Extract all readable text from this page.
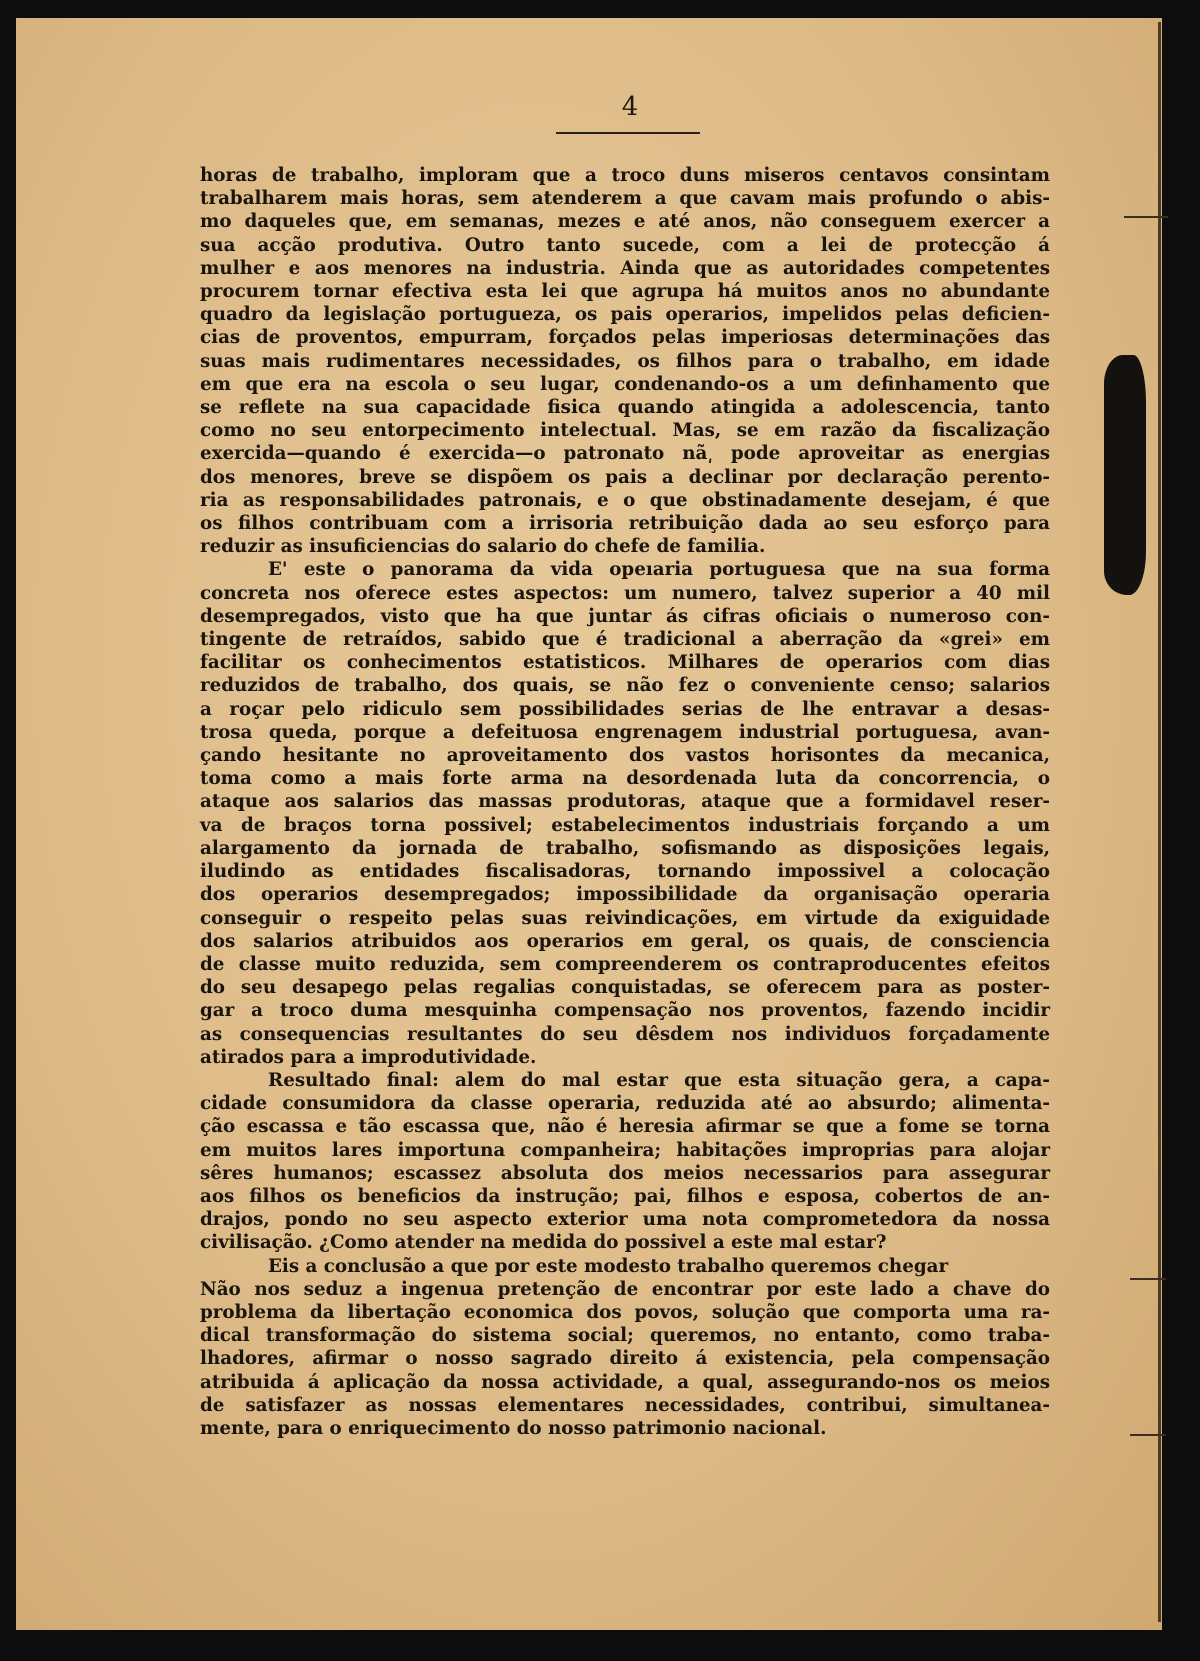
4
horas de trabalho, imploram que a troco duns miseros centavos consintam
trabalharem mais horas, sem atenderem a que cavam mais profundo o abis-
mo daqueles que, em semanas, mezes e até anos, não conseguem exercer a
sua acção produtiva. Outro tanto sucede, com a lei de protecção á
mulher e aos menores na industria. Ainda que as autoridades competentes
procurem tornar efectiva esta lei que agrupa há muitos anos no abundante
quadro da legislação portugueza, os pais operarios, impelidos pelas deficien-
cias de proventos, empurram, forçados pelas imperiosas determinações das
suas mais rudimentares necessidades, os filhos para o trabalho, em idade
em que era na escola o seu lugar, condenando-os a um definhamento que
se reflete na sua capacidade fisica quando atingida a adolescencia, tanto
como no seu entorpecimento intelectual. Mas, se em razão da fiscalização
exercida—quando é exercida—o patronato nã͵ pode aproveitar as energias
dos menores, breve se dispõem os pais a declinar por declaração perento-
ria as responsabilidades patronais, e o que obstinadamente desejam, é que
os filhos contribuam com a irrisoria retribuição dada ao seu esforço para
reduzir as insuficiencias do salario do chefe de familia.
E' este o panorama da vida opeıaria portuguesa que na sua forma
concreta nos oferece estes aspectos: um numero, talvez superior a 40 mil
desempregados, visto que ha que juntar ás cifras oficiais o numeroso con-
tingente de retraídos, sabido que é tradicional a aberração da «grei» em
facilitar os conhecimentos estatisticos. Milhares de operarios com dias
reduzidos de trabalho, dos quais, se não fez o conveniente censo; salarios
a roçar pelo ridiculo sem possibilidades serias de lhe entravar a desas-
trosa queda, porque a defeituosa engrenagem industrial portuguesa, avan-
çando hesitante no aproveitamento dos vastos horisontes da mecanica,
toma como a mais forte arma na desordenada luta da concorrencia, o
ataque aos salarios das massas produtoras, ataque que a formidavel reser-
va de braços torna possivel; estabelecimentos industriais forçando a um
alargamento da jornada de trabalho, sofismando as disposições legais,
iludindo as entidades fiscalisadoras, tornando impossivel a colocação
dos operarios desempregados; impossibilidade da organisação operaria
conseguir o respeito pelas suas reivindicações, em virtude da exiguidade
dos salarios atribuidos aos operarios em geral, os quais, de consciencia
de classe muito reduzida, sem compreenderem os contraproducentes efeitos
do seu desapego pelas regalias conquistadas, se oferecem para as poster-
gar a troco duma mesquinha compensação nos proventos, fazendo incidir
as consequencias resultantes do seu dêsdem nos individuos forçadamente
atirados para a improdutividade.
Resultado final: alem do mal estar que esta situação gera, a capa-
cidade consumidora da classe operaria, reduzida até ao absurdo; alimenta-
ção escassa e tão escassa que, não é heresia afirmar se que a fome se torna
em muitos lares importuna companheira; habitações improprias para alojar
sêres humanos; escassez absoluta dos meios necessarios para assegurar
aos filhos os beneficios da instrução; pai, filhos e esposa, cobertos de an-
drajos, pondo no seu aspecto exterior uma nota comprometedora da nossa
civilisação. ¿Como atender na medida do possivel a este mal estar?
Eis a conclusão a que por este modesto trabalho queremos chegar
Não nos seduz a ingenua pretenção de encontrar por este lado a chave do
problema da libertação economica dos povos, solução que comporta uma ra-
dical transformação do sistema social; queremos, no entanto, como traba-
lhadores, afirmar o nosso sagrado direito á existencia, pela compensação
atribuida á aplicação da nossa actividade, a qual, assegurando-nos os meios
de satisfazer as nossas elementares necessidades, contribui, simultanea-
mente, para o enriquecimento do nosso patrimonio nacional.
